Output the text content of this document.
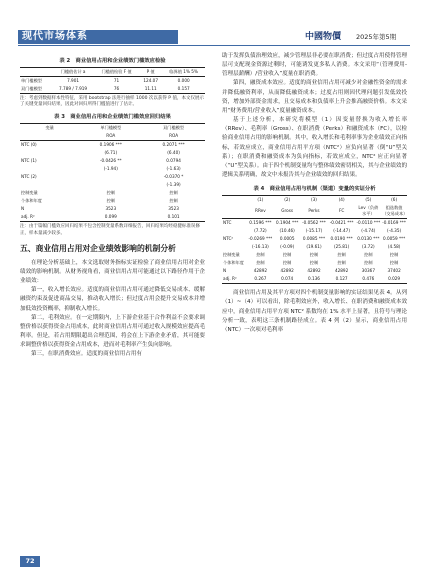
现代市场体系	中國物價 2025年第5期
表 2　商业信用占用和企业绩效门槛效应检验
	门槛值估计 a	门槛值检验 F 值	P 值	临界值 1% 5%
单门槛模型	7.901	71	124.07	0.000
双门槛模型	7.789 / 7.919	76	11.11	0.157
注：考虑到数据样本性特征，采用 bootstrap 法进行抽样 1000 次以获得 P 值，本文仅展示了关键变量回归结果，因此对回归所得门槛值进行了估计。
表 3　商业信用占用和企业绩效门槛效应回归结果
变量	单门槛模型	双门槛模型
	ROA	ROA
NTC (0)	0.1906 ***	0.2071 ***
	(6.71)	(6.40)
NTC (1)	-0.0426 **	0.0794
	(-1.94)	(-1.63)
NTC (2)		-0.0370 *
		(-1.39)
控制变量	控制	控制
个体和年度	控制	控制
N	3523	3523
adj. R²	0.099	0.101
注：由于篇幅门槛效应回归结果不包含控制变量系数详细报告，回归结果均经稳健标准误修正，样本量减少较多。
五、商业信用占用对企业绩效影响的机制分析

在理论分析基础上，本文选取财务指标实证检验了商业信用占用对企业绩效的影响机制。从财务视角看，商业信用占用可能通过以下路径作用于企业绩效：

第一，收入增长效应。适度的商业信用占用可通过降低交易成本、缓解融资约束及促进商品交易，推动收入增长；但过度占用会提升交易成本并增加低效投资概率，抑制收入增长。

第二，毛利效应。在一定期限内，上下游企业基于合作利益不会要求调整价格以获得资金占用成本，此时商业信用占用可通过收入规模效应提高毛利率。但是，若占用期限超出合理范围，将会在上下游企业矛盾，其可能要求调整价格以获得资金占用成本，进而对毛利率产生负向影响。

第三，在职消费效应。适度的商业信用占用有

助于发挥负债治理效应，减少管理层非必要在职消费；但过度占用使得管理层可支配现金资源过剩时，可能诱发更多私人消费。本文采用“（管理费用-管理层薪酬）/营业收入”度量在职消费。

第四，融资成本效应。适度的商业信用占用可减少对金融性资金的需求并降低融资利率，从而降低融资成本；过度占用则因代理问题引发低效投资，增加外部资金需求，且交易成本和负债率上升会推高融资价格。本文采用“财务费用/营业收入”度量融资成本。

基于上述分析，本研究将模型（1）因变量替换为收入增长率（RRev）、毛利率（Gross）、在职消费（Perks）和融资成本（FC），以检验商业信用占用的影响机制。其中，收入增长和毛利率事为企业绩效正向指标，若效应成立，商业信用占用平方项（NTC²）应负向显著（倒“U”型关系）；在职消费和融资成本为负向指标，若效应成立，NTC² 应正向显著（“U”型关系）。由于四个机制变量均与整体绩效密切相关，其与企业绩效的逻辑关系明确，故文中未报告其与企业绩效的回归结果。

表 4　商业信用占用与机制（渠道）变量的实证分析
	(1)	(2)	(3)	(4)	(5)	(6)
	RRev	Gross	Perks	FC	Lev（负债水平）	组选数值（交易成本）
NTC	0.1596 ***	0.1904 ***	-0.0562 ***	-0.0421 ***	-0.0110 ***	-0.0169 ***
	(7.72)	(10.46)	(-15.17)	(-14.47)	(-4.74)	(-4.35)
NTC²	-0.0269 ***	0.0005	0.0085 ***	0.0190 ***	0.0130 ***	0.0059 ***
	(-16.13)	(-0.09)	(19.61)	(25.81)	(3.72)	(4.58)
控制变量	控制	控制	控制	控制	控制	控制
个体和年度	控制	控制	控制	控制	控制	控制
N	42892	42892	42892	42892	30367	37402
adj. R²	0.267	0.074	0.136	0.127	0.476	0.029

商业信用占用及其平方项对四个机制变量影响的实证结果见表 4。从列（1）~（4）可以看出，除毛利效应外，收入增长、在职消费和融资成本效应中，商业信用占用平方项 NTC² 系数均在 1% 水平上显著，且符号与理论分析一致，表明这三条机制路径成立。表 4 列（2）显示，商业信用占用（NTC）一次项对毛利率

72
